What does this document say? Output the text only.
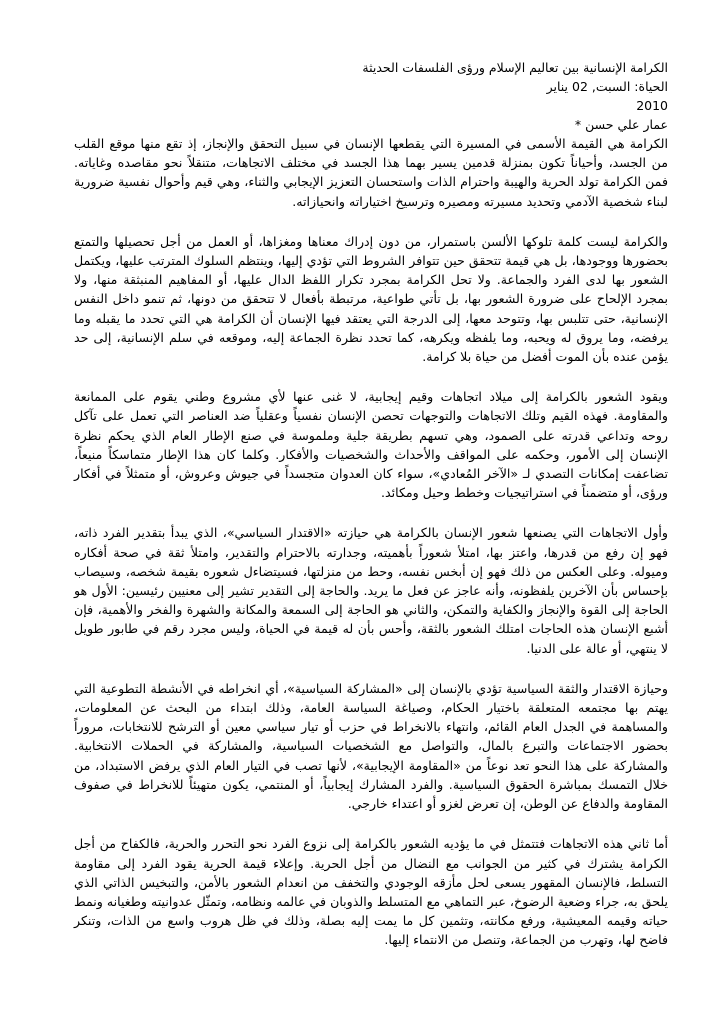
الكرامة الإنسانية بين تعاليم الإسلام ورؤى الفلسفات الحديثة

الحياة: السبت, 02 يناير

2010

عمار علي حسن *

الكرامة هي القيمة الأسمى في المسيرة التي يقطعها الإنسان في سبيل التحقق والإنجاز، إذ تقع منها موقع القلب من الجسد، وأحياناً تكون بمنزلة قدمين يسير بهما هذا الجسد في مختلف الاتجاهات، متنقلاً نحو مقاصده وغاياته. فمن الكرامة تولد الحرية والهيبة واحترام الذات واستحسان التعزيز الإيجابي والثناء، وهي قيم وأحوال نفسية ضرورية لبناء شخصية الآدمي وتحديد مسيرته ومصيره وترسيخ اختياراته وانحيازاته.

والكرامة ليست كلمة تلوكها الألسن باستمرار، من دون إدراك معناها ومغزاها، أو العمل من أجل تحصيلها والتمتع بحضورها ووجودها، بل هي قيمة تتحقق حين تتوافر الشروط التي تؤدي إليها، وينتظم السلوك المترتب عليها، ويكتمل الشعور بها لدى الفرد والجماعة. ولا تحل الكرامة بمجرد تكرار اللفظ الدال عليها، أو المفاهيم المنبثقة منها، ولا بمجرد الإلحاح على ضرورة الشعور بها، بل تأتي طواعية، مرتبطة بأفعال لا تتحقق من دونها، ثم تنمو داخل النفس الإنسانية، حتى تتلبس بها، وتتوحد معها، إلى الدرجة التي يعتقد فيها الإنسان أن الكرامة هي التي تحدد ما يقبله وما يرفضه، وما يروق له ويحبه، وما يلفظه ويكرهه، كما تحدد نظرة الجماعة إليه، وموقعه في سلم الإنسانية، إلى حد يؤمن عنده بأن الموت أفضل من حياة بلا كرامة.

ويقود الشعور بالكرامة إلى ميلاد اتجاهات وقيم إيجابية، لا غنى عنها لأي مشروع وطني يقوم على الممانعة والمقاومة. فهذه القيم وتلك الاتجاهات والتوجهات تحصن الإنسان نفسياً وعقلياً ضد العناصر التي تعمل على تآكل روحه وتداعي قدرته على الصمود، وهي تسهم بطريقة جلية وملموسة في صنع الإطار العام الذي يحكم نظرة الإنسان إلى الأمور، وحكمه على المواقف والأحداث والشخصيات والأفكار. وكلما كان هذا الإطار متماسكاً منيعاً، تضاعفت إمكانات التصدي لـ «الآخر المُعادي»، سواء كان العدوان متجسداً في جيوش وعروش، أو متمثلاً في أفكار ورؤى، أو متضمناً في استراتيجيات وخطط وحيل ومكائد.

وأول الاتجاهات التي يصنعها شعور الإنسان بالكرامة هي حيازته «الاقتدار السياسي»، الذي يبدأ بتقدير الفرد ذاته، فهو إن رفع من قدرها، واعتز بها، امتلأ شعوراً بأهميته، وجدارته بالاحترام والتقدير، وامتلأ ثقة في صحة أفكاره وميوله. وعلى العكس من ذلك فهو إن أبخس نفسه، وحط من منزلتها، فسيتضاءل شعوره بقيمة شخصه، وسيصاب بإحساس بأن الآخرين يلفظونه، وأنه عاجز عن فعل ما يريد. والحاجة إلى التقدير تشير إلى معنيين رئيسين: الأول هو الحاجة إلى القوة والإنجاز والكفاية والتمكن، والثاني هو الحاجة إلى السمعة والمكانة والشهرة والفخر والأهمية، فإن أشبع الإنسان هذه الحاجات امتلك الشعور بالثقة، وأحس بأن له قيمة في الحياة، وليس مجرد رقم في طابور طويل لا ينتهي، أو عالة على الدنيا.

وحيازة الاقتدار والثقة السياسية تؤدي بالإنسان إلى «المشاركة السياسية»، أي انخراطه في الأنشطة التطوعية التي يهتم بها مجتمعه المتعلقة باختيار الحكام، وصياغة السياسة العامة، وذلك ابتداء من البحث عن المعلومات، والمساهمة في الجدل العام القائم، وانتهاء بالانخراط في حزب أو تيار سياسي معين أو الترشح للانتخابات، مروراً بحضور الاجتماعات والتبرع بالمال، والتواصل مع الشخصيات السياسية، والمشاركة في الحملات الانتخابية. والمشاركة على هذا النحو تعد نوعاً من «المقاومة الإيجابية»، لأنها تصب في التيار العام الذي يرفض الاستبداد، من خلال التمسك بمباشرة الحقوق السياسية. والفرد المشارك إيجابياً، أو المنتمي، يكون متهيئاً للانخراط في صفوف المقاومة والدفاع عن الوطن، إن تعرض لغزو أو اعتداء خارجي.

أما ثاني هذه الاتجاهات فتتمثل في ما يؤديه الشعور بالكرامة إلى نزوع الفرد نحو التحرر والحرية، فالكفاح من أجل الكرامة يشترك في كثير من الجوانب مع النضال من أجل الحرية. وإعلاء قيمة الحرية يقود الفرد إلى مقاومة التسلط، فالإنسان المقهور يسعى لحل مأزقه الوجودي والتخفف من انعدام الشعور بالأمن، والتبخيس الذاتي الذي يلحق به، جراء وضعية الرضوخ، عبر التماهي مع المتسلط والذوبان في عالمه ونظامه، وتمثّل عدوانيته وطغيانه ونمط حياته وقيمه المعيشية، ورفع مكانته، وتثمين كل ما يمت إليه بصلة، وذلك في ظل هروب واسع من الذات، وتنكر فاضح لها، وتهرب من الجماعة، وتنصل من الانتماء إليها.
